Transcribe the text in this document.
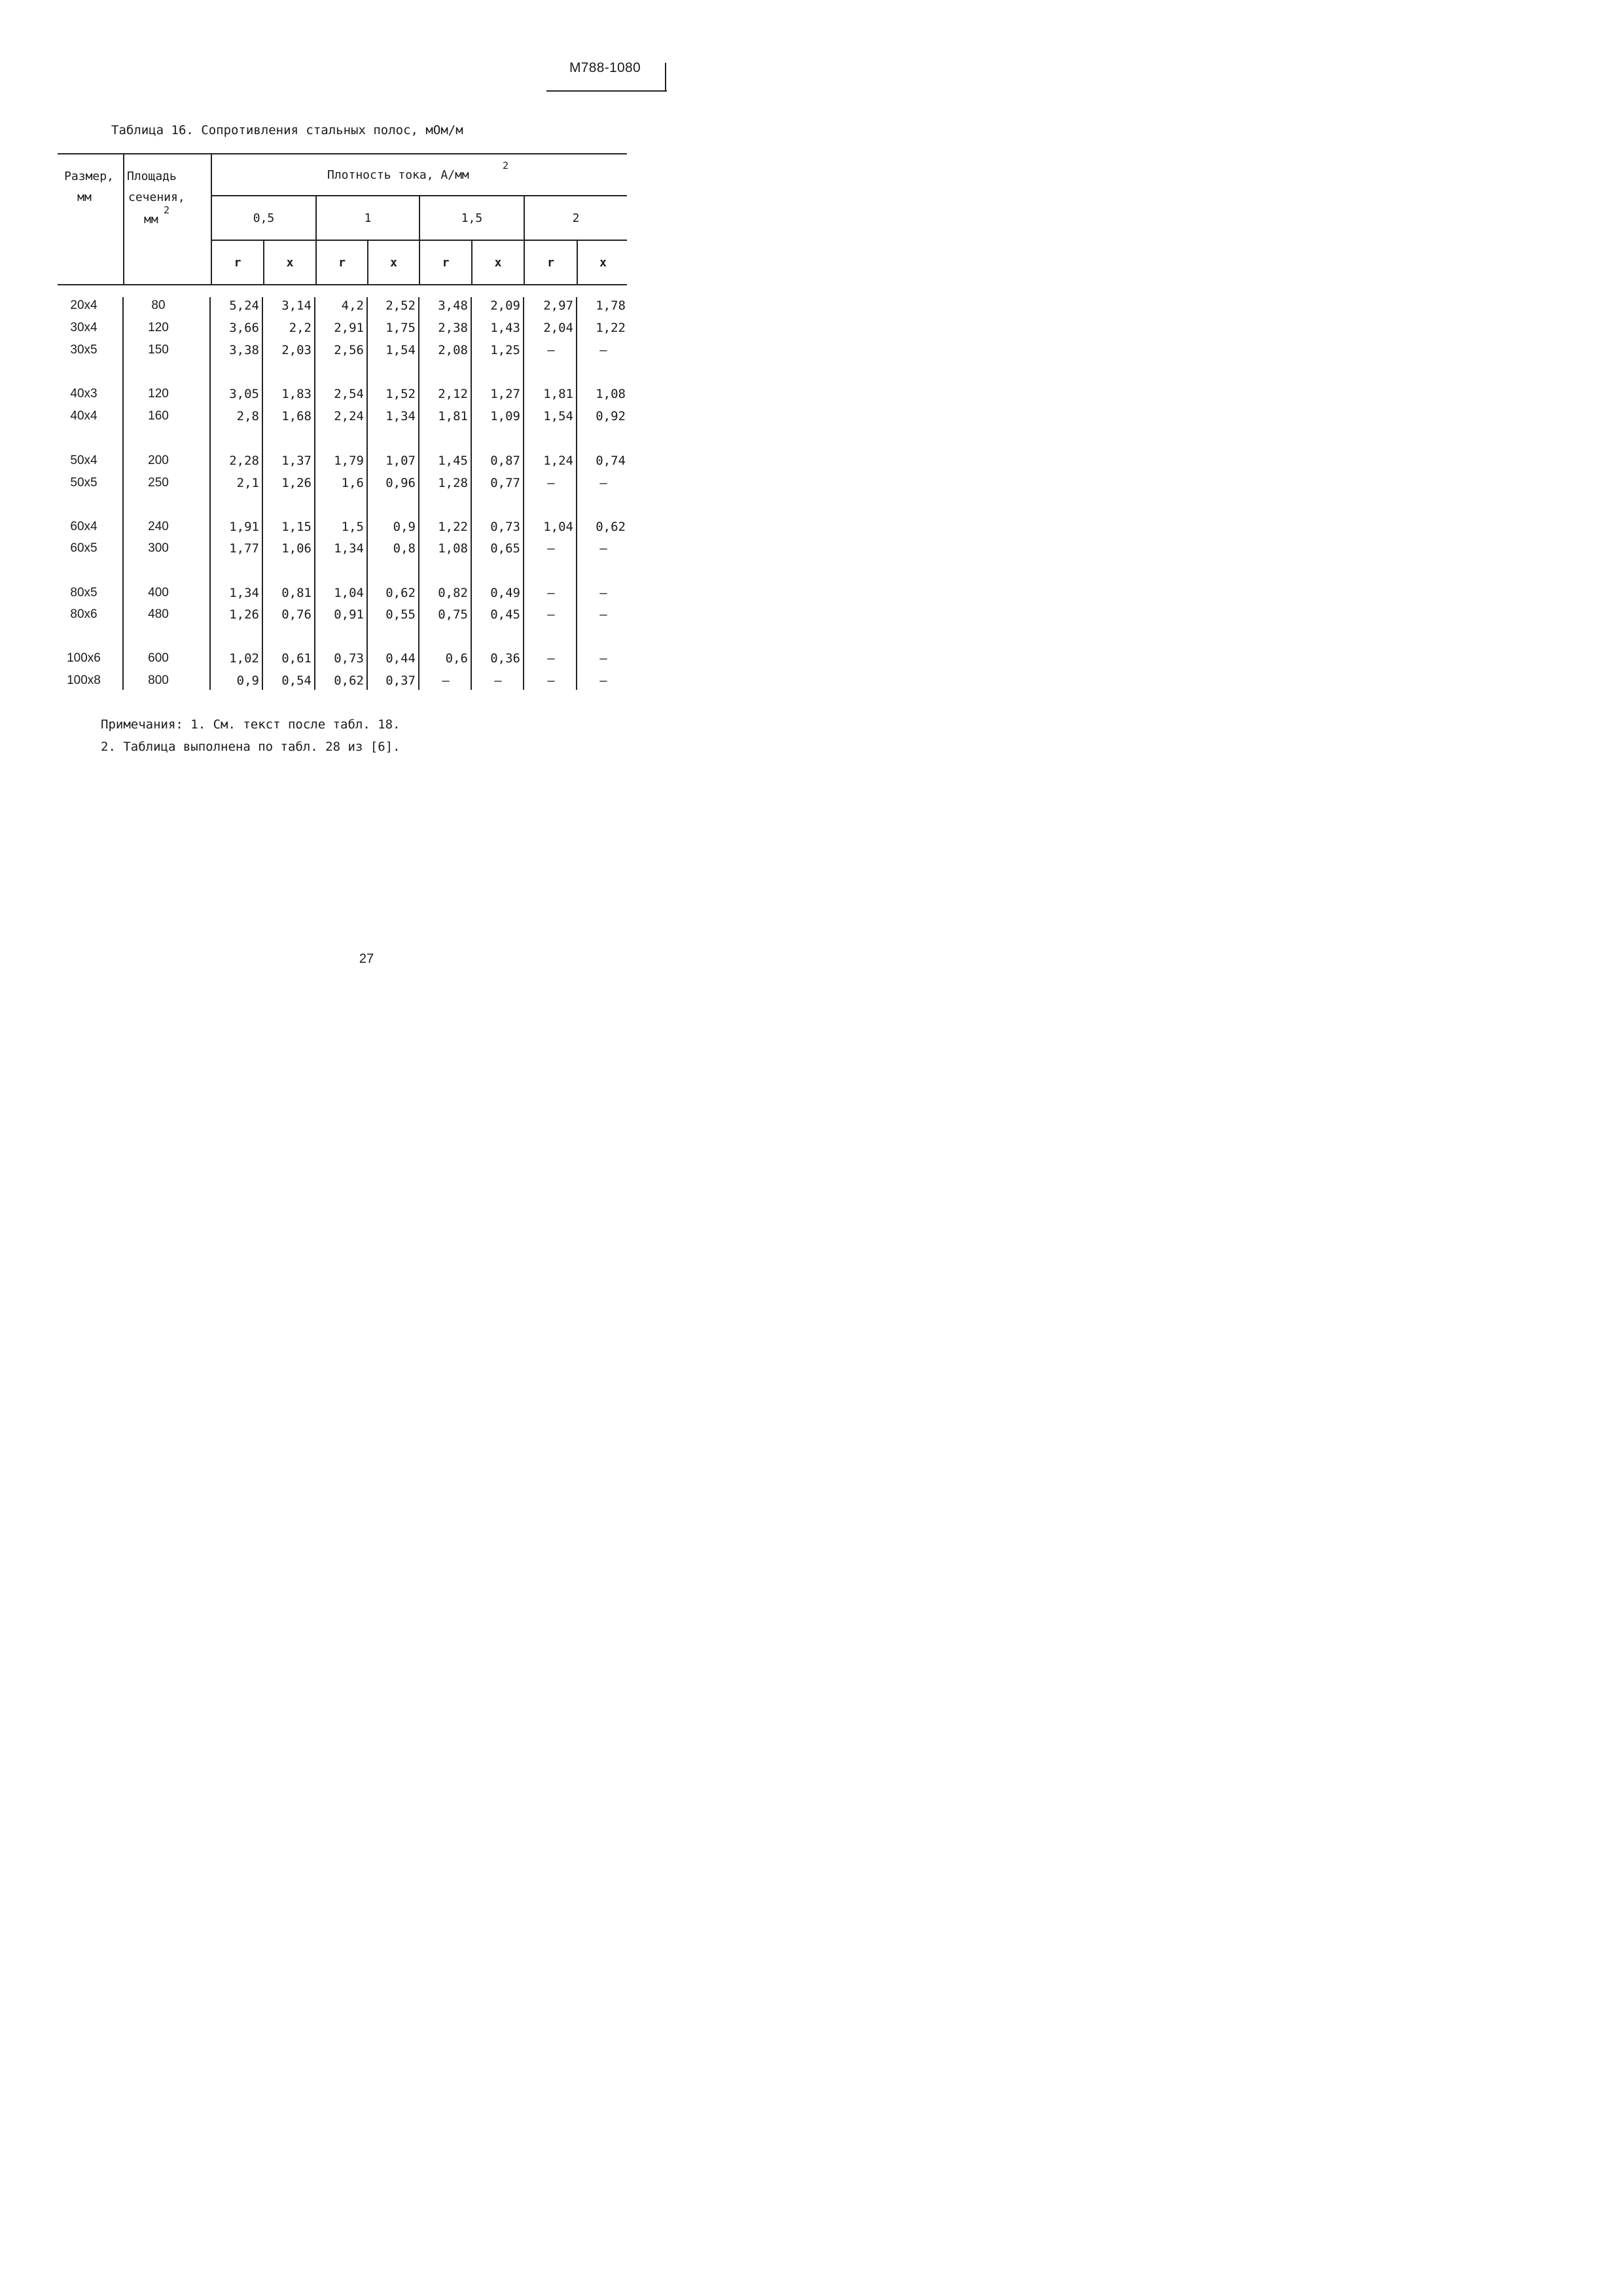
М788-1080
Таблица 16. Сопротивления стальных полос, мОм/м
Размер,
мм
Площадь
сечения,
мм
2
Плотность тока, А/мм
2
0,5	1	1,5	2
r	x	r	x	r	x	r	x
20x4	80	5,24	3,14	4,2	2,52	3,48	2,09	2,97	1,78
30x4	120	3,66	2,2	2,91	1,75	2,38	1,43	2,04	1,22
30x5	150	3,38	2,03	2,56	1,54	2,08	1,25	–	–
40x3	120	3,05	1,83	2,54	1,52	2,12	1,27	1,81	1,08
40x4	160	2,8	1,68	2,24	1,34	1,81	1,09	1,54	0,92
50x4	200	2,28	1,37	1,79	1,07	1,45	0,87	1,24	0,74
50x5	250	2,1	1,26	1,6	0,96	1,28	0,77	–	–
60x4	240	1,91	1,15	1,5	0,9	1,22	0,73	1,04	0,62
60x5	300	1,77	1,06	1,34	0,8	1,08	0,65	–	–
80x5	400	1,34	0,81	1,04	0,62	0,82	0,49	–	–
80x6	480	1,26	0,76	0,91	0,55	0,75	0,45	–	–
100x6	600	1,02	0,61	0,73	0,44	0,6	0,36	–	–
100x8	800	0,9	0,54	0,62	0,37	–	–	–	–
Примечания: 1. См. текст после табл. 18.
2. Таблица выполнена по табл. 28 из [6].
27
